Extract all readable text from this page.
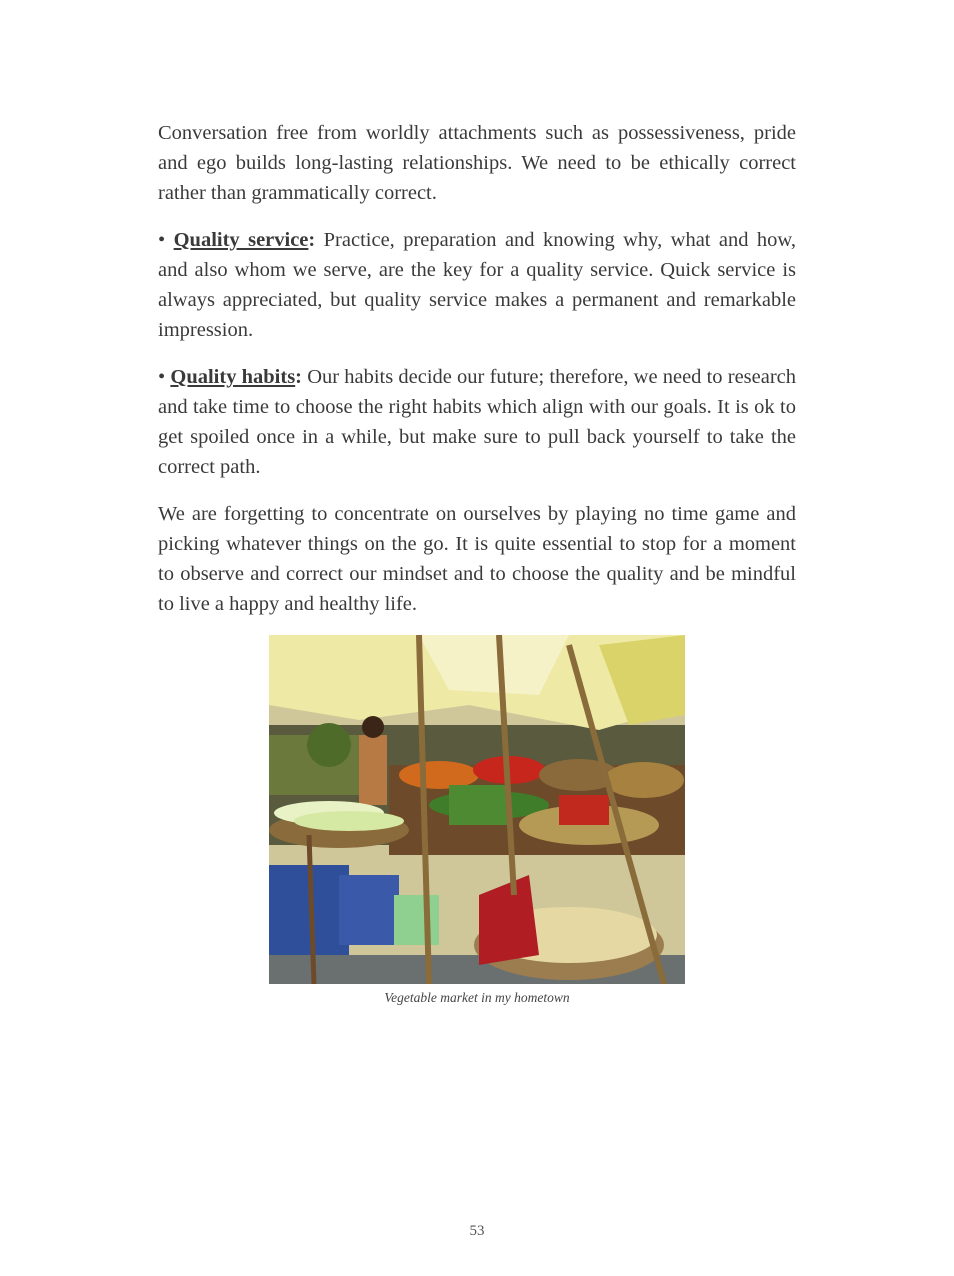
Conversation free from worldly attachments such as possessiveness, pride and ego builds long-lasting relationships. We need to be ethically correct rather than grammatically correct.

• Quality service: Practice, preparation and knowing why, what and how, and also whom we serve, are the key for a quality service. Quick service is always appreciated, but quality service makes a permanent and remarkable impression.

• Quality habits: Our habits decide our future; therefore, we need to research and take time to choose the right habits which align with our goals. It is ok to get spoiled once in a while, but make sure to pull back yourself to take the correct path.

We are forgetting to concentrate on ourselves by playing no time game and picking whatever things on the go. It is quite essential to stop for a moment to observe and correct our mindset and to choose the quality and be mindful to live a happy and healthy life.

Vegetable market in my hometown
53
